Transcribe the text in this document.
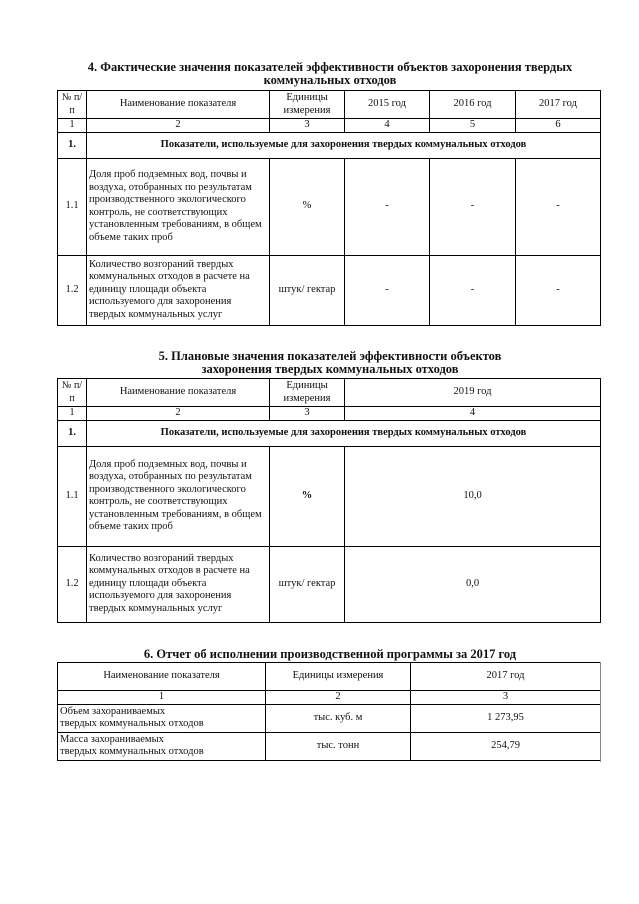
4. Фактические значения показателей эффективности объектов захоронения твердых
коммунальных отходов
№ п/п	Наименование показателя	Единицы измерения	2015 год	2016 год	2017 год
1	2	3	4	5	6
1.	Показатели, используемые для захоронения твердых коммунальных отходов				
1.1	Доля проб подземных вод, почвы и воздуха, отобранных по результатам производственного экологического контроль, не соответствующих установленным требованиям, в общем объеме таких проб	%	-	-	-
1.2	Количество возгораний твердых коммунальных отходов в расчете на единицу площади объекта используемого для захоронения твердых коммунальных услуг	штук/ гектар	-	-	-
5. Плановые значения показателей эффективности объектов
захоронения твердых коммунальных отходов
№ п/п	Наименование показателя	Единицы измерения	2019 год
1	2	3	4
1.	Показатели, используемые для захоронения твердых коммунальных отходов		
1.1	Доля проб подземных вод, почвы и воздуха, отобранных по результатам производственного экологического контроль, не соответствующих установленным требованиям, в общем объеме таких проб	%	10,0
1.2	Количество возгораний твердых коммунальных отходов в расчете на единицу площади объекта используемого для захоронения твердых коммунальных услуг	штук/ гектар	0,0
6. Отчет об исполнении производственной программы за 2017 год
Наименование показателя	Единицы измерения	2017 год
1	2	3

Объем захораниваемых
твердых коммунальных отходов	тыс. куб. м	1 273,95

Масса захораниваемых
твердых коммунальных отходов	тыс. тонн	254,79
